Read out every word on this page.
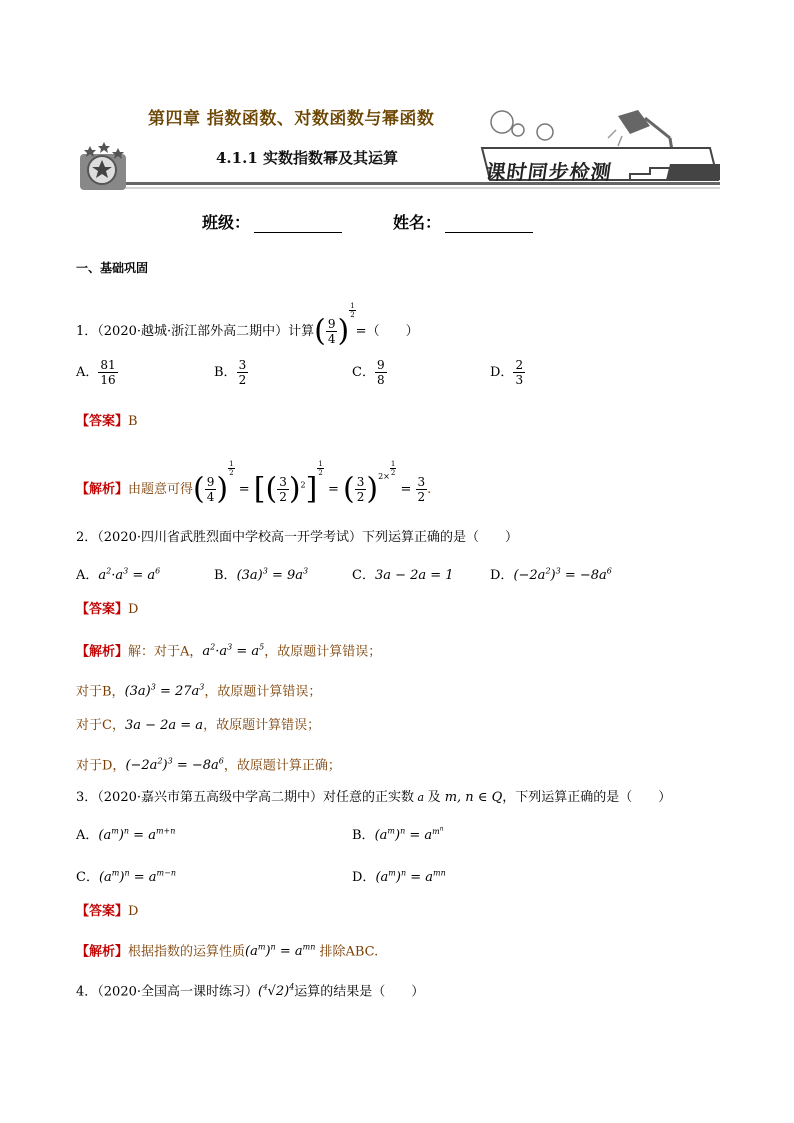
第四章 指数函数、对数函数与幂函数
4.1.1 实数指数幂及其运算
课时同步检测
班级：	姓名：
一、基础巩固
1．（2020·越城·浙江部外高二期中）计算( $\frac{9}{4}$ )
$\frac{1}{2}$
=（　　）
A． $\frac{81}{16}$	B． $\frac{3}{2}$	C． $\frac{9}{8}$	D． $\frac{2}{3}$
【答案】B
【解析】由题意可得( $\frac{9}{4}$ )
$\frac{1}{2}$
= [( $\frac{3}{2} )^2$]
$\frac{1}{2}$
= ( $\frac{3}{2} )^{2\times} \frac{1}{2}$
= $\frac{3}{2}$ .
2．（2020·四川省武胜烈面中学校高一开学考试）下列运算正确的是（　　）
A．$a^2\cdot a^3 = a^6$	B．$(3a)^3 = 9a^3$	C．3a − 2a = 1	D．$(-2a^2)^3 = -8a^6$
【答案】D
【解析】解：对于A，$a^2\cdot a^3 = a^5$，故原题计算错误；
对于B，$(3a)^3 = 27a^3$，故原题计算错误；
对于C，3a − 2a = a，故原题计算错误；
对于D，$(-2a^2)^3 = -8a^6$，故原题计算正确；
3．（2020·嘉兴市第五高级中学高二期中）对任意的正实数 a 及 m, n ∈ Q，下列运算正确的是（　　）
A．$(a^m)^n = a^{m+n}$	B．$(a^m)^n = a^{m^n}$
C．$(a^m)^n = a^{m-n}$	D．$(a^m)^n = a^{mn}$
【答案】D
【解析】根据指数的运算性质$(a^m)^n = a^{mn}$ 排除ABC.
4．（2020·全国高一课时练习）$(^4√2)^4$运算的结果是（　　）
